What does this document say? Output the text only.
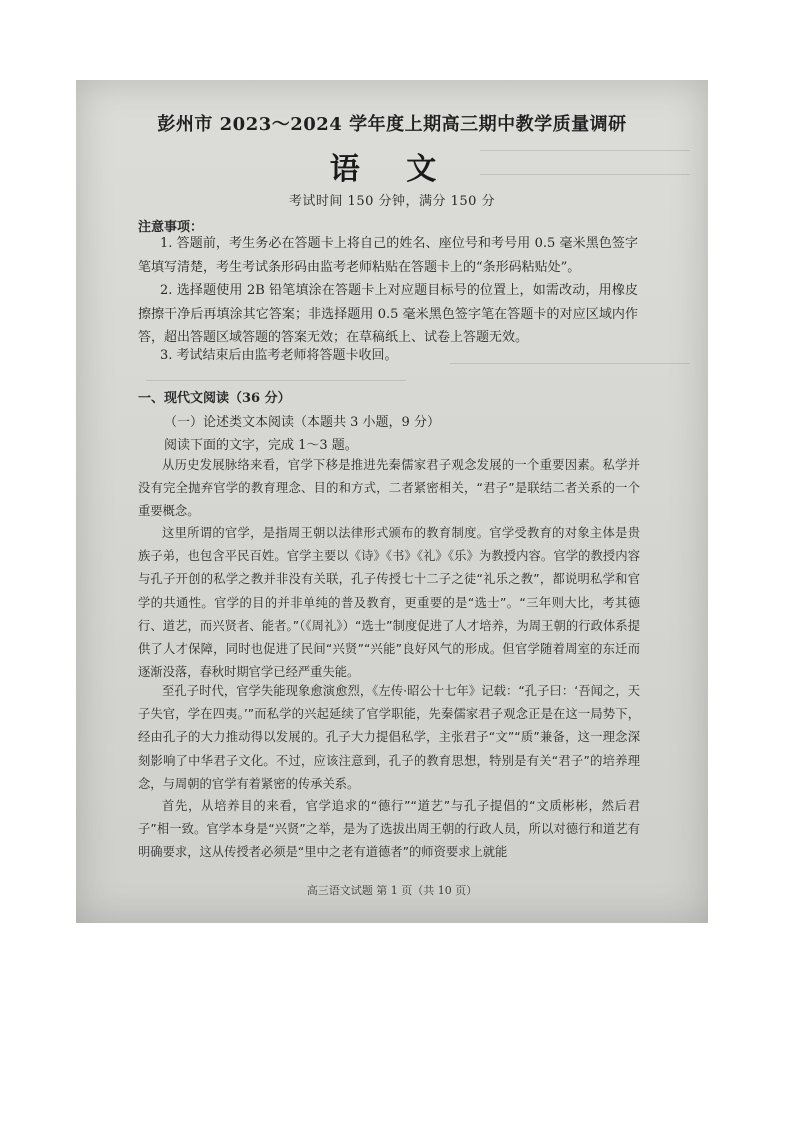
彭州市 2023～2024 学年度上期高三期中教学质量调研
语 文
考试时间 150 分钟，满分 150 分
注意事项：
1. 答题前，考生务必在答题卡上将自己的姓名、座位号和考号用 0.5 毫米黑色签字笔填写清楚，考生考试条形码由监考老师粘贴在答题卡上的“条形码粘贴处”。
2. 选择题使用 2B 铅笔填涂在答题卡上对应题目标号的位置上，如需改动，用橡皮擦擦干净后再填涂其它答案；非选择题用 0.5 毫米黑色签字笔在答题卡的对应区域内作答，超出答题区域答题的答案无效；在草稿纸上、试卷上答题无效。
3. 考试结束后由监考老师将答题卡收回。
一、现代文阅读（36 分）
（一）论述类文本阅读（本题共 3 小题，9 分）
阅读下面的文字，完成 1～3 题。
从历史发展脉络来看，官学下移是推进先秦儒家君子观念发展的一个重要因素。私学并没有完全抛弃官学的教育理念、目的和方式，二者紧密相关，“君子”是联结二者关系的一个重要概念。
这里所谓的官学，是指周王朝以法律形式颁布的教育制度。官学受教育的对象主体是贵族子弟，也包含平民百姓。官学主要以《诗》《书》《礼》《乐》为教授内容。官学的教授内容与孔子开创的私学之教并非没有关联，孔子传授七十二子之徒“礼乐之教”，都说明私学和官学的共通性。官学的目的并非单纯的普及教育，更重要的是“选士”。“三年则大比，考其德行、道艺，而兴贤者、能者。”（《周礼》）“选士”制度促进了人才培养，为周王朝的行政体系提供了人才保障，同时也促进了民间“兴贤”“兴能”良好风气的形成。但官学随着周室的东迁而逐渐没落，春秋时期官学已经严重失能。
至孔子时代，官学失能现象愈演愈烈，《左传·昭公十七年》记载：“孔子曰：‘吾闻之，天子失官，学在四夷。’”而私学的兴起延续了官学职能，先秦儒家君子观念正是在这一局势下，经由孔子的大力推动得以发展的。孔子大力提倡私学，主张君子“文”“质”兼备，这一理念深刻影响了中华君子文化。不过，应该注意到，孔子的教育思想，特别是有关“君子”的培养理念，与周朝的官学有着紧密的传承关系。
首先，从培养目的来看，官学追求的“德行”“道艺”与孔子提倡的“文质彬彬，然后君子”相一致。官学本身是“兴贤”之举，是为了选拔出周王朝的行政人员，所以对德行和道艺有明确要求，这从传授者必须是“里中之老有道德者”的师资要求上就能
高三语文试题 第 1 页（共 10 页）
